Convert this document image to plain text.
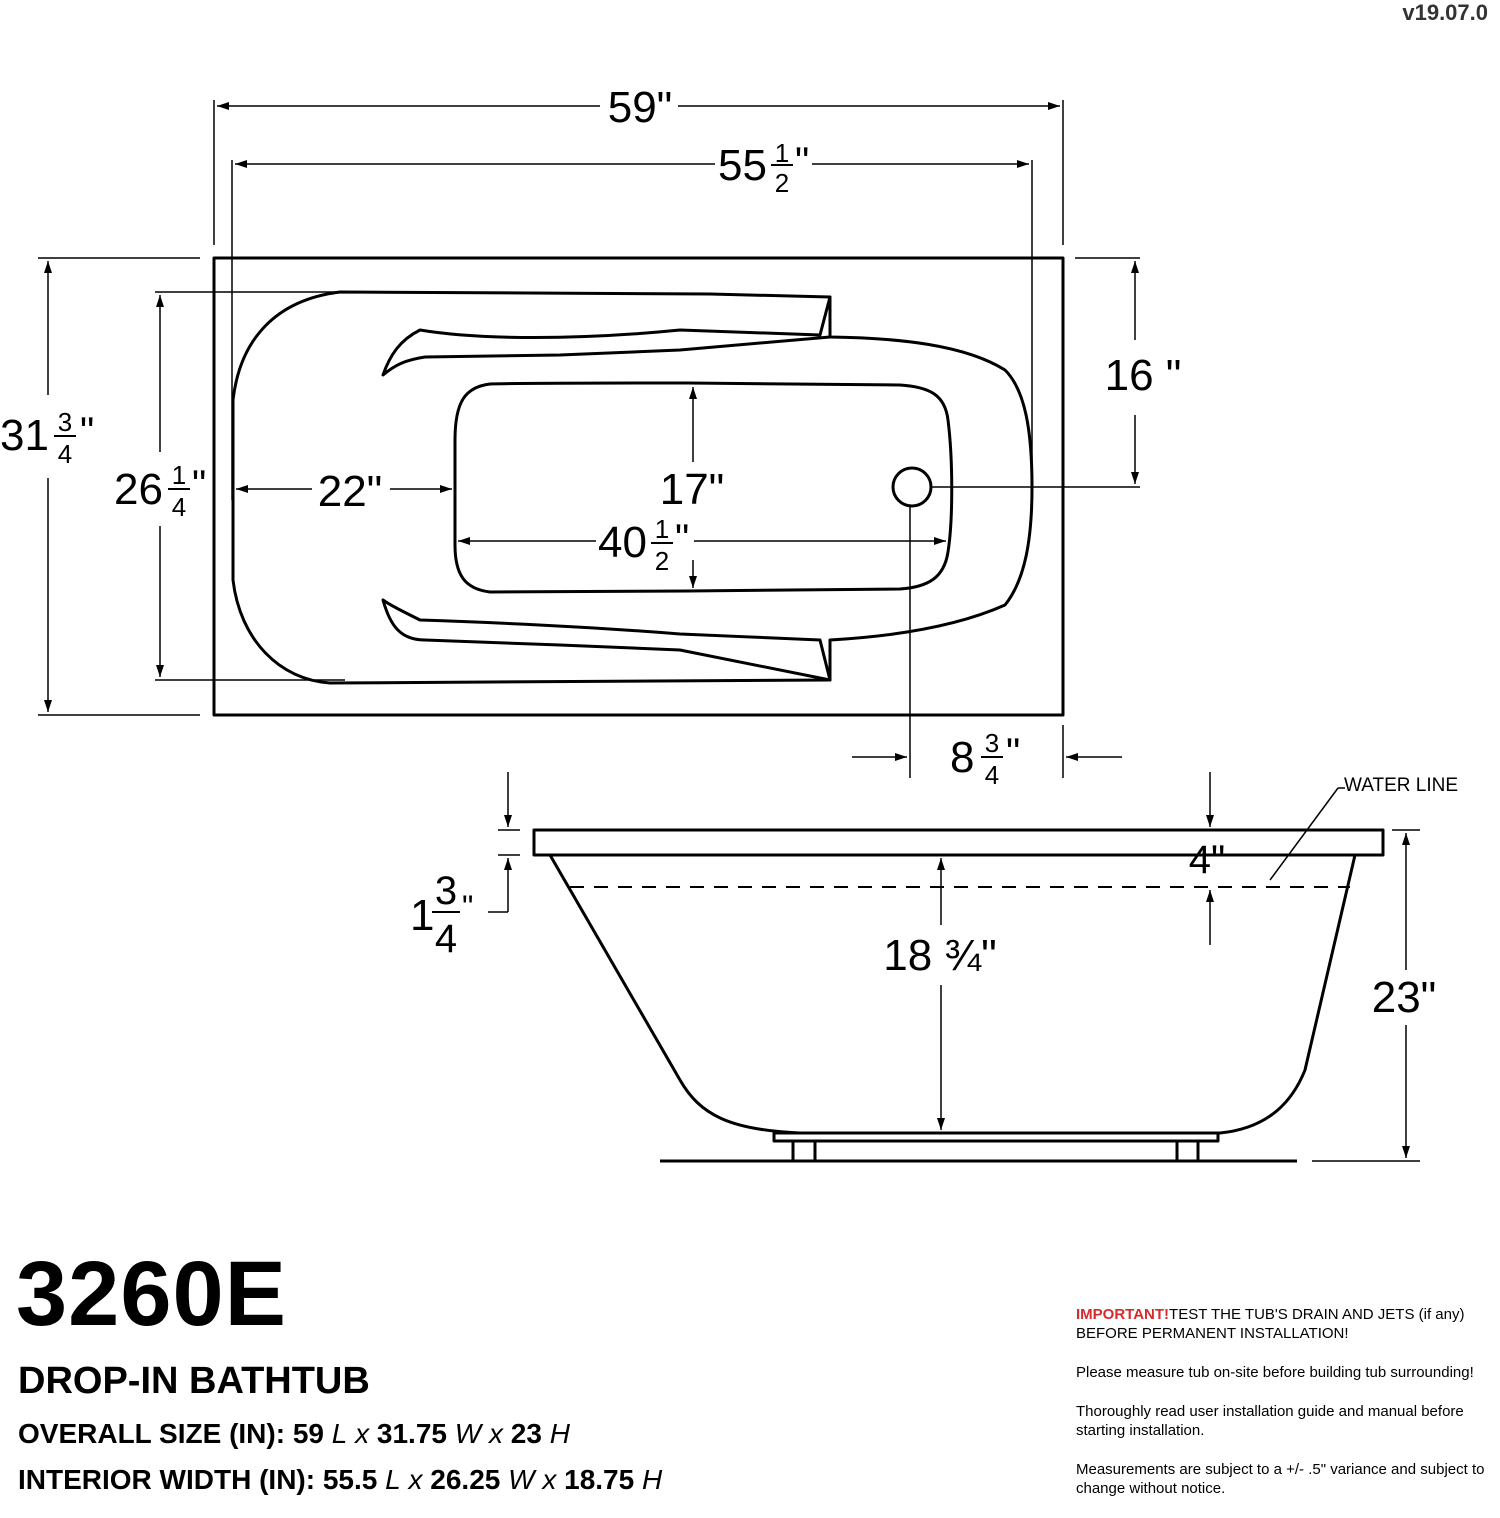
59"
55 1
2 "
31 3
4 "
26 1
4 "	22"	17"
40 1
2 "
16 "
8 3
4 "
1 3
4
"
WATER LINE
4"
18 ¾"
23"
v19.07.0
3260E
DROP-IN BATHTUB
OVERALL SIZE (IN): 59 L x 31.75 W x 23 H
INTERIOR WIDTH (IN): 55.5 L x 26.25 W x 18.75 H

IMPORTANT!TEST THE TUB'S DRAIN AND JETS (if any) BEFORE PERMANENT INSTALLATION!

Please measure tub on-site before building tub surrounding!

Thoroughly read user installation guide and manual before starting installation.

Measurements are subject to a +/- .5" variance and subject to change without notice.
